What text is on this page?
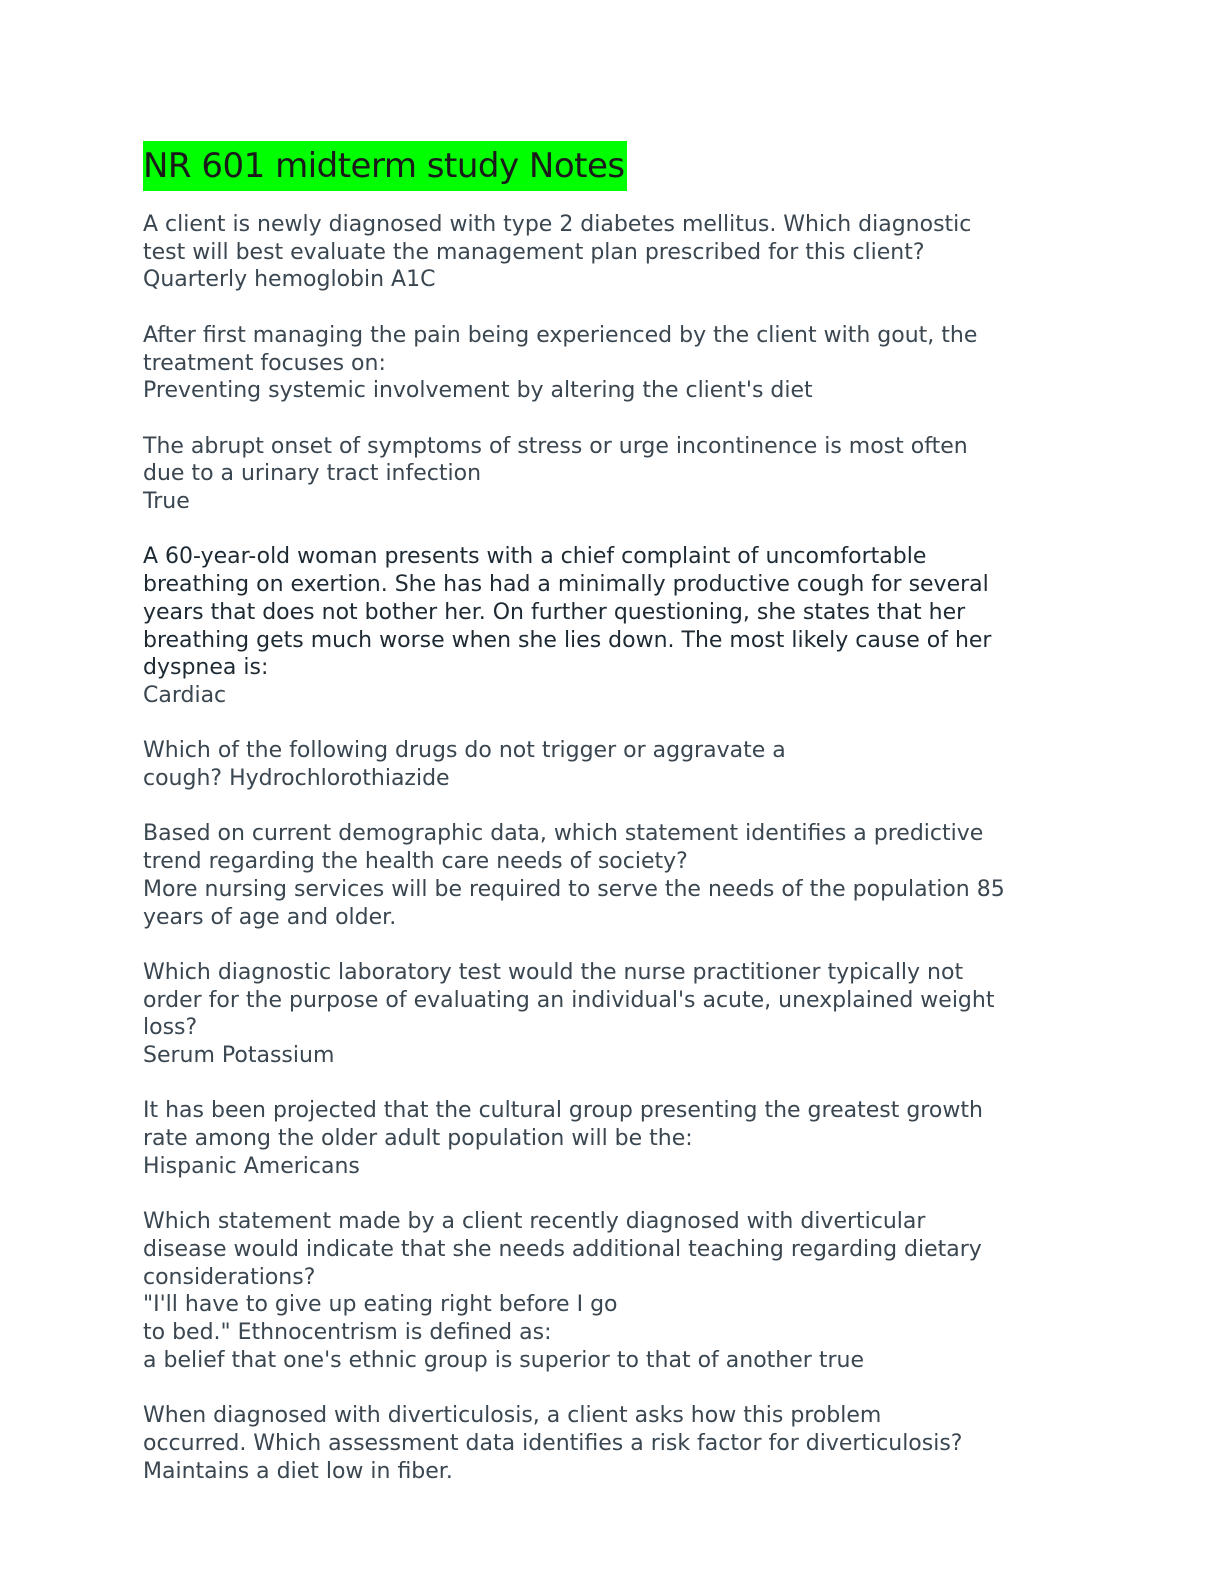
NR 601 midterm study Notes
A client is newly diagnosed with type 2 diabetes mellitus. Which diagnostic
test will best evaluate the management plan prescribed for this client?
Quarterly hemoglobin A1C
After first managing the pain being experienced by the client with gout, the
treatment focuses on:
Preventing systemic involvement by altering the client's diet
The abrupt onset of symptoms of stress or urge incontinence is most often
due to a urinary tract infection
True
A 60-year-old woman presents with a chief complaint of uncomfortable
breathing on exertion. She has had a minimally productive cough for several
years that does not bother her. On further questioning, she states that her
breathing gets much worse when she lies down. The most likely cause of her
dyspnea is:
Cardiac
Which of the following drugs do not trigger or aggravate a
cough? Hydrochlorothiazide
Based on current demographic data, which statement identifies a predictive
trend regarding the health care needs of society?
More nursing services will be required to serve the needs of the population 85
years of age and older.
Which diagnostic laboratory test would the nurse practitioner typically not
order for the purpose of evaluating an individual's acute, unexplained weight
loss?
Serum Potassium
It has been projected that the cultural group presenting the greatest growth
rate among the older adult population will be the:
Hispanic Americans
Which statement made by a client recently diagnosed with diverticular
disease would indicate that she needs additional teaching regarding dietary
considerations?
"I'll have to give up eating right before I go
to bed." Ethnocentrism is defined as:
a belief that one's ethnic group is superior to that of another true
When diagnosed with diverticulosis, a client asks how this problem
occurred. Which assessment data identifies a risk factor for diverticulosis?
Maintains a diet low in fiber.
